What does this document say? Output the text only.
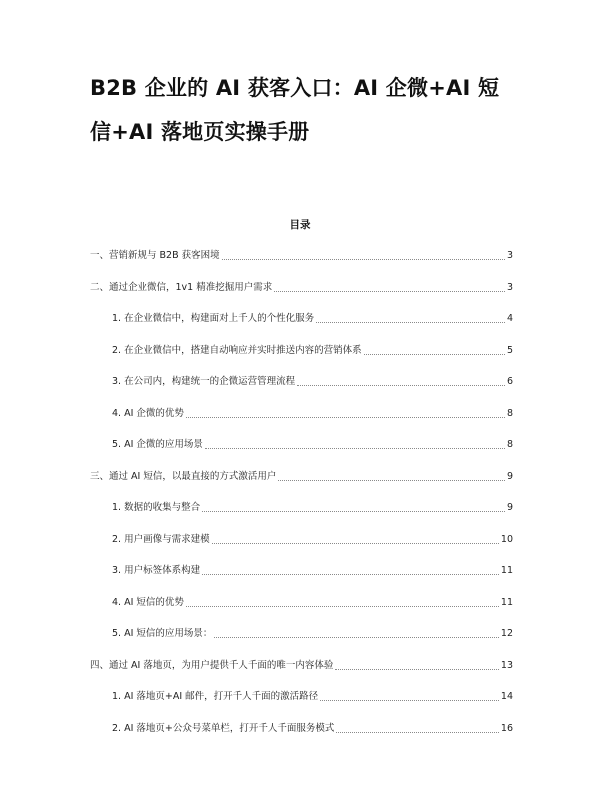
B2B 企业的 AI 获客入口：AI 企微+AI 短
信+AI 落地页实操手册
目录
一、营销新规与 B2B 获客困境	3
二、通过企业微信，1v1 精准挖掘用户需求	3
1. 在企业微信中，构建面对上千人的个性化服务	4
2. 在企业微信中，搭建自动响应并实时推送内容的营销体系	5
3. 在公司内，构建统一的企微运营管理流程	6
4. AI 企微的优势	8
5. AI 企微的应用场景	8
三、通过 AI 短信，以最直接的方式激活用户	9
1. 数据的收集与整合	9
2. 用户画像与需求建模	10
3. 用户标签体系构建	11
4. AI 短信的优势	11
5. AI 短信的应用场景：	12
四、通过 AI 落地页，为用户提供千人千面的唯一内容体验	13
1. AI 落地页+AI 邮件，打开千人千面的激活路径	14
2. AI 落地页+公众号菜单栏，打开千人千面服务模式	16
